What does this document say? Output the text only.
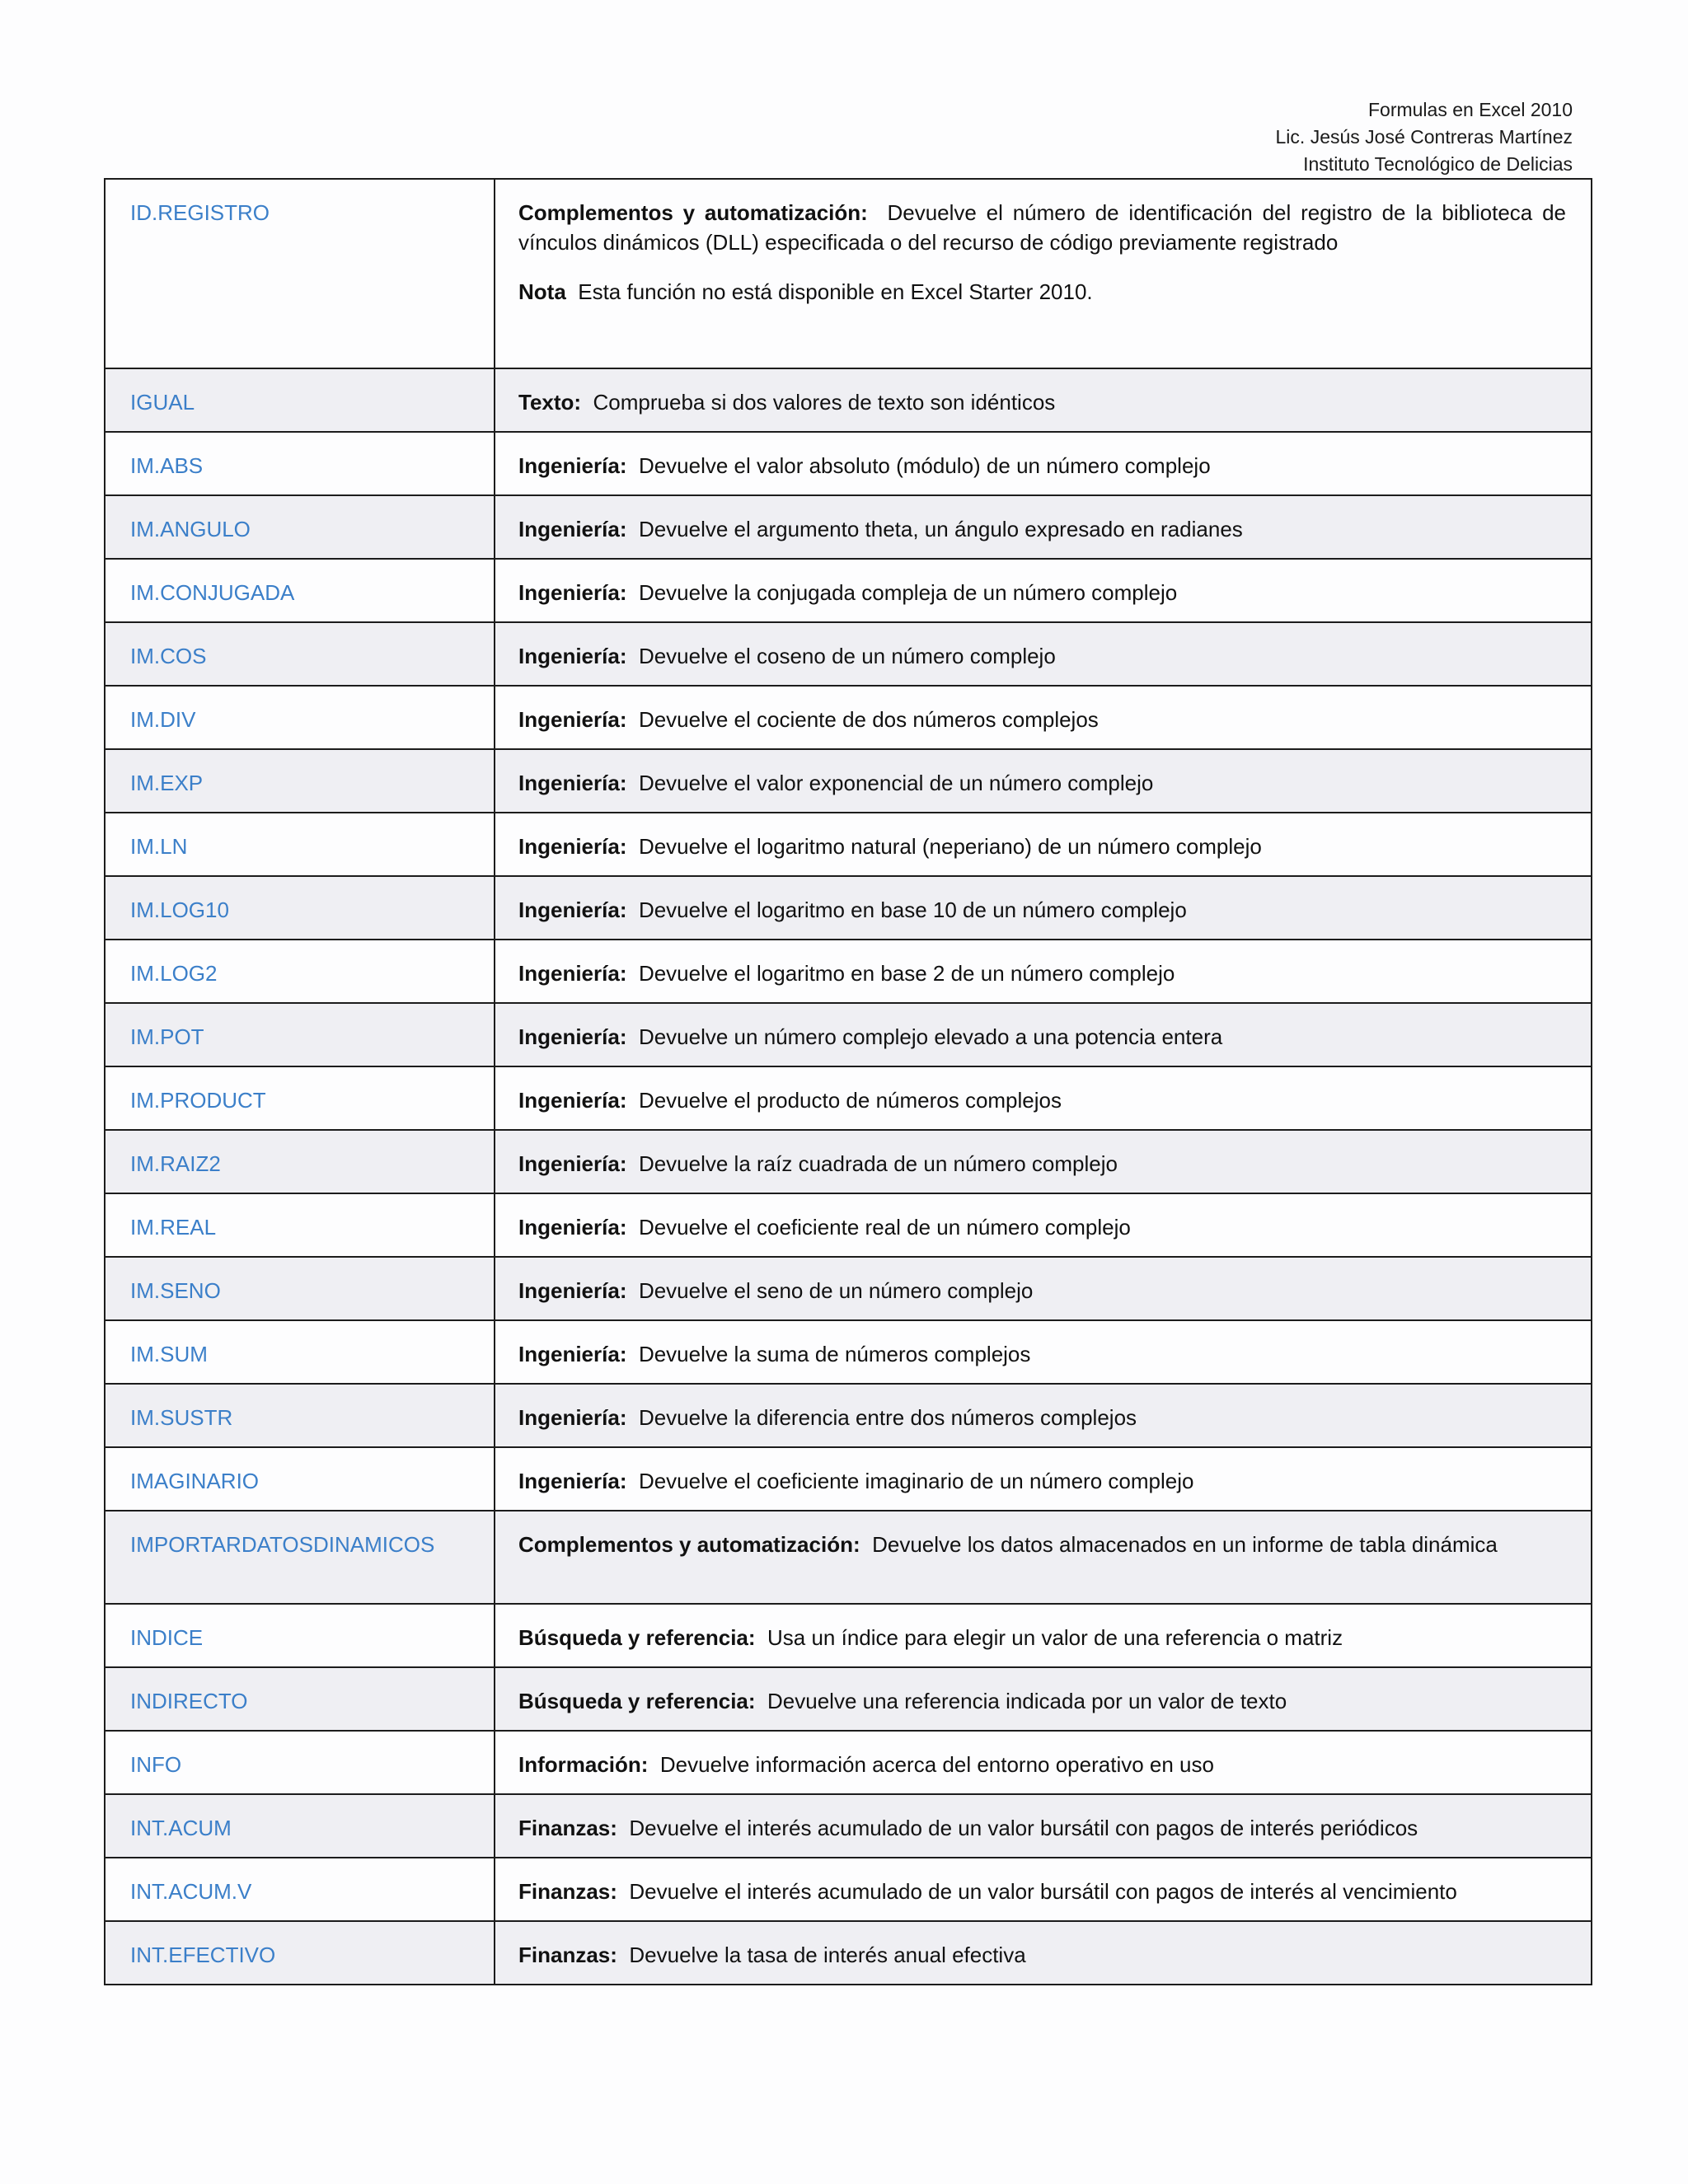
Formulas en Excel 2010
Lic. Jesús José Contreras Martínez
Instituto Tecnológico de Delicias
ID.REGISTRO	Complementos y automatización: Devuelve el número de identificación del registro de la biblioteca de vínculos dinámicos (DLL) especificada o del recurso de código previamente registrado
Nota Esta función no está disponible en Excel Starter 2010.

IGUAL	Texto: Comprueba si dos valores de texto son idénticos
IM.ABS	Ingeniería: Devuelve el valor absoluto (módulo) de un número complejo
IM.ANGULO	Ingeniería: Devuelve el argumento theta, un ángulo expresado en radianes
IM.CONJUGADA	Ingeniería: Devuelve la conjugada compleja de un número complejo
IM.COS	Ingeniería: Devuelve el coseno de un número complejo
IM.DIV	Ingeniería: Devuelve el cociente de dos números complejos
IM.EXP	Ingeniería: Devuelve el valor exponencial de un número complejo
IM.LN	Ingeniería: Devuelve el logaritmo natural (neperiano) de un número complejo
IM.LOG10	Ingeniería: Devuelve el logaritmo en base 10 de un número complejo
IM.LOG2	Ingeniería: Devuelve el logaritmo en base 2 de un número complejo
IM.POT	Ingeniería: Devuelve un número complejo elevado a una potencia entera
IM.PRODUCT	Ingeniería: Devuelve el producto de números complejos
IM.RAIZ2	Ingeniería: Devuelve la raíz cuadrada de un número complejo
IM.REAL	Ingeniería: Devuelve el coeficiente real de un número complejo
IM.SENO	Ingeniería: Devuelve el seno de un número complejo
IM.SUM	Ingeniería: Devuelve la suma de números complejos
IM.SUSTR	Ingeniería: Devuelve la diferencia entre dos números complejos
IMAGINARIO	Ingeniería: Devuelve el coeficiente imaginario de un número complejo
IMPORTARDATOSDINAMICOS	Complementos y automatización: Devuelve los datos almacenados en un informe de tabla dinámica
INDICE	Búsqueda y referencia: Usa un índice para elegir un valor de una referencia o matriz
INDIRECTO	Búsqueda y referencia: Devuelve una referencia indicada por un valor de texto
INFO	Información: Devuelve información acerca del entorno operativo en uso
INT.ACUM	Finanzas: Devuelve el interés acumulado de un valor bursátil con pagos de interés periódicos
INT.ACUM.V	Finanzas: Devuelve el interés acumulado de un valor bursátil con pagos de interés al vencimiento
INT.EFECTIVO	Finanzas: Devuelve la tasa de interés anual efectiva
